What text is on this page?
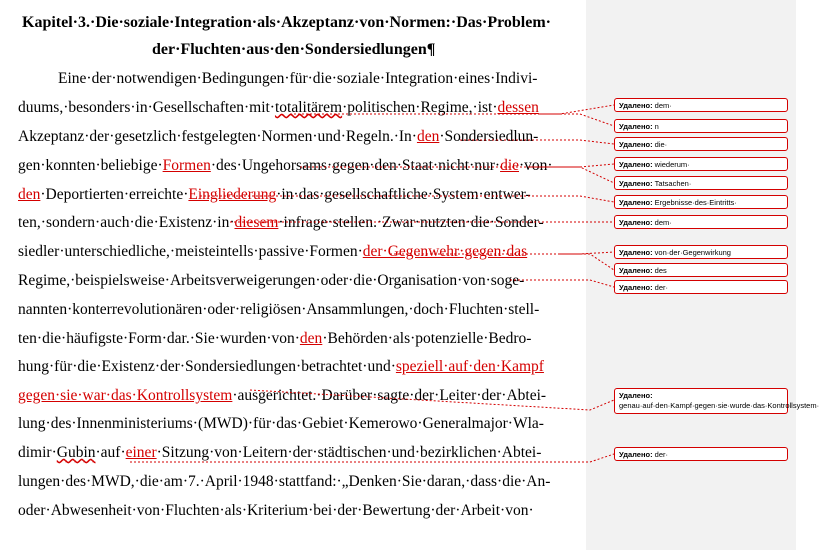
Kapitel·3.·Die·soziale·Integration·als·Akzeptanz·von·Normen:·Das·Problem·
der·Fluchten·aus·den·Sondersiedlungen¶
Eine·der·notwendigen·Bedingungen·für·die·soziale·Integration·eines·Indivi-
duums,·besonders·in·Gesellschaften·mit·totalitärem·politischen·Regime,·ist·dessen
Akzeptanz·der·gesetzlich·festgelegten·Normen·und·Regeln.·In·den·Sondersiedlun-
gen·konnten·beliebige·Formen·des·Ungehorsams·gegen·den·Staat·nicht·nur·die·von·
den·Deportierten·erreichte·Eingliederung·in·das·gesellschaftliche·System·entwer-
ten,·sondern·auch·die·Existenz·in·diesem·infrage·stellen.·Zwar·nutzten·die·Sonder-
siedler·unterschiedliche,·meisteintells·passive·Formen·der·Gegenwehr·gegen·das
Regime,·beispielsweise·Arbeitsverweigerungen·oder·die·Organisation·von·soge-
nannten·konterrevolutionären·oder·religiösen·Ansammlungen,·doch·Fluchten·stell-
ten·die·häufigste·Form·dar.·Sie·wurden·von·den·Behörden·als·potenzielle·Bedro-
hung·für·die·Existenz·der·Sondersiedlungen·betrachtet·und·speziell·auf·den·Kampf
gegen·sie·war·das·Kontrollsystem·ausgerichtet.·Darüber·sagte·der·Leiter·der·Abtei-
lung·des·Innenministeriums·(MWD)·für·das·Gebiet·Kemerowo·Generalmajor·Wla-
dimir·Gubin·auf·einer·Sitzung·von·Leitern·der·städtischen·und·bezirklichen·Abtei-
lungen·des·MWD,·die·am·7.·April·1948·stattfand:·„Denken·Sie·daran,·dass·die·An-
oder·Abwesenheit·von·Fluchten·als·Kriterium·bei·der·Bewertung·der·Arbeit·von·
Удалено: dem·
Удалено: n
Удалено: die·
Удалено: wiederum·
Удалено: Tatsachen·
Удалено: Ergebnisse·des·Eintritts·
Удалено: dem·
Удалено: von·der·Gegenwirkung
Удалено: des
Удалено: der·
Удалено: genau·auf·den·Kampf·gegen·sie·wurde·das·Kontrollsystem·
Удалено: der·
